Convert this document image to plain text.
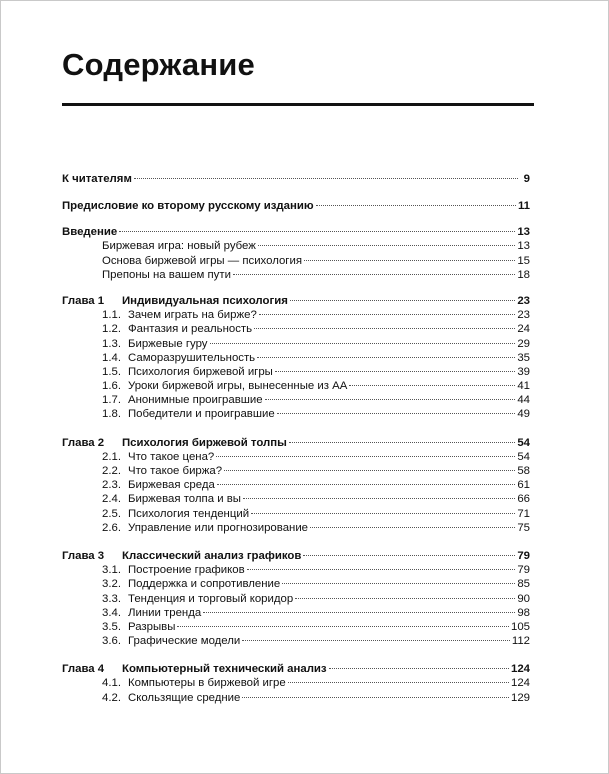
Содержание
К читателям	9
Предисловие ко второму русскому изданию	11
Введение	13
Биржевая игра: новый рубеж	13
Основа биржевой игры — психология	15
Препоны на вашем пути	18
Глава 1	Индивидуальная психология	23
1.1. Зачем играть на бирже?	23
1.2. Фантазия и реальность	24
1.3. Биржевые гуру	29
1.4. Саморазрушительность	35
1.5. Психология биржевой игры	39
1.6. Уроки биржевой игры, вынесенные из АА	41
1.7. Анонимные проигравшие	44
1.8. Победители и проигравшие	49
Глава 2	Психология биржевой толпы	54
2.1. Что такое цена?	54
2.2. Что такое биржа?	58
2.3. Биржевая среда	61
2.4. Биржевая толпа и вы	66
2.5. Психология тенденций	71
2.6. Управление или прогнозирование	75
Глава 3	Классический анализ графиков	79
3.1. Построение графиков	79
3.2. Поддержка и сопротивление	85
3.3. Тенденция и торговый коридор	90
3.4. Линии тренда	98
3.5. Разрывы	105
3.6. Графические модели	112
Глава 4	Компьютерный технический анализ	124
4.1. Компьютеры в биржевой игре	124
4.2. Скользящие средние	129
